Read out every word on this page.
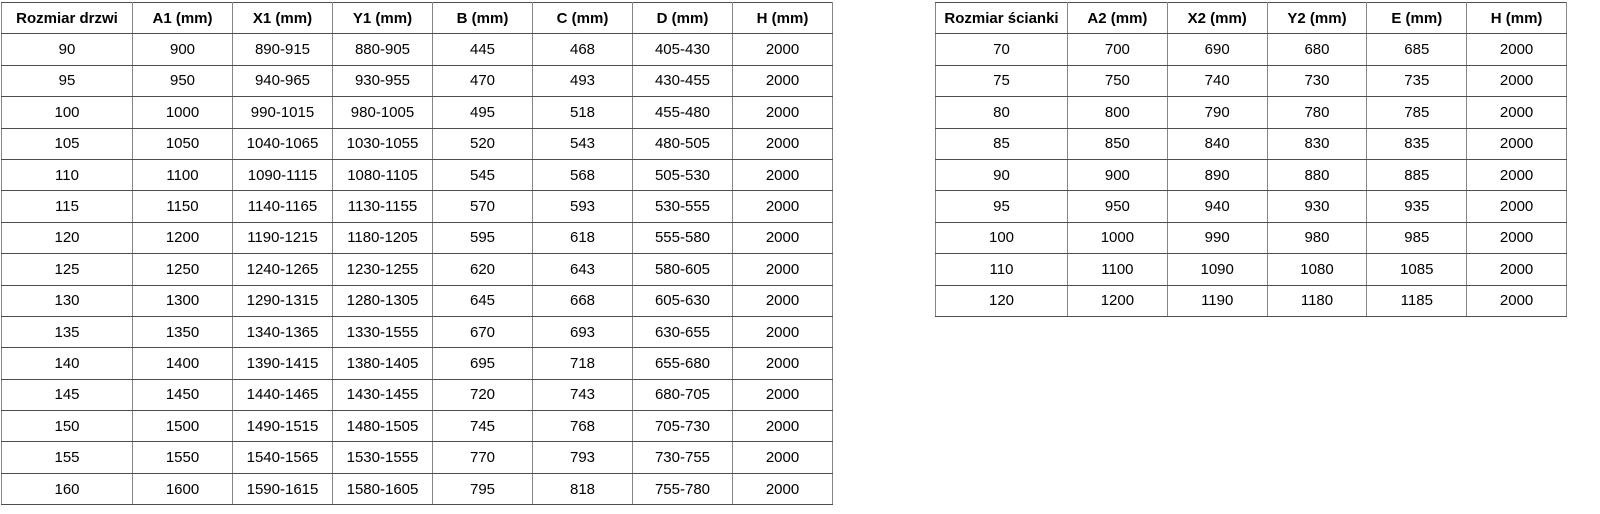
Rozmiar drzwi	A1 (mm)	X1 (mm)	Y1 (mm)	B (mm)	C (mm)	D (mm)	H (mm)
90	900	890-915	880-905	445	468	405-430	2000
95	950	940-965	930-955	470	493	430-455	2000
100	1000	990-1015	980-1005	495	518	455-480	2000
105	1050	1040-1065	1030-1055	520	543	480-505	2000
110	1100	1090-1115	1080-1105	545	568	505-530	2000
115	1150	1140-1165	1130-1155	570	593	530-555	2000
120	1200	1190-1215	1180-1205	595	618	555-580	2000
125	1250	1240-1265	1230-1255	620	643	580-605	2000
130	1300	1290-1315	1280-1305	645	668	605-630	2000
135	1350	1340-1365	1330-1555	670	693	630-655	2000
140	1400	1390-1415	1380-1405	695	718	655-680	2000
145	1450	1440-1465	1430-1455	720	743	680-705	2000
150	1500	1490-1515	1480-1505	745	768	705-730	2000
155	1550	1540-1565	1530-1555	770	793	730-755	2000
160	1600	1590-1615	1580-1605	795	818	755-780	2000
Rozmiar ścianki	A2 (mm)	X2 (mm)	Y2 (mm)	E (mm)	H (mm)
70	700	690	680	685	2000
75	750	740	730	735	2000
80	800	790	780	785	2000
85	850	840	830	835	2000
90	900	890	880	885	2000
95	950	940	930	935	2000
100	1000	990	980	985	2000
110	1100	1090	1080	1085	2000
120	1200	1190	1180	1185	2000
